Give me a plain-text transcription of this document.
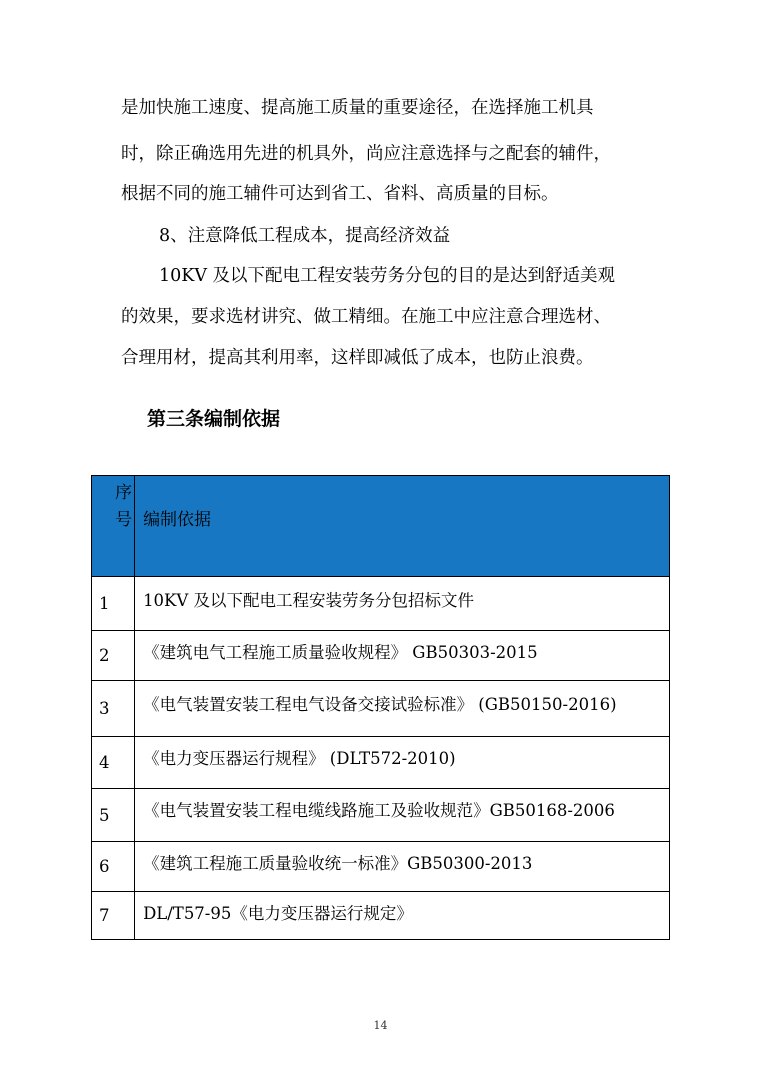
是加快施工速度、提高施工质量的重要途径，在选择施工机具
时，除正确选用先进的机具外，尚应注意选择与之配套的辅件，
根据不同的施工辅件可达到省工、省料、高质量的目标。
8、注意降低工程成本，提高经济效益
10KV 及以下配电工程安装劳务分包的目的是达到舒适美观
的效果，要求选材讲究、做工精细。在施工中应注意合理选材、
合理用材，提高其利用率，这样即减低了成本，也防止浪费。
第三条编制依据
序
号	编制依据

1	10KV 及以下配电工程安装劳务分包招标文件
2	《建筑电气工程施工质量验收规程》 GB50303-2015
3	《电气装置安装工程电气设备交接试验标准》 (GB50150-2016)
4	《电力变压器运行规程》 (DLT572-2010)
5	《电气装置安装工程电缆线路施工及验收规范》GB50168-2006
6	《建筑工程施工质量验收统一标准》GB50300-2013
7	DL/T57-95《电力变压器运行规定》
14
